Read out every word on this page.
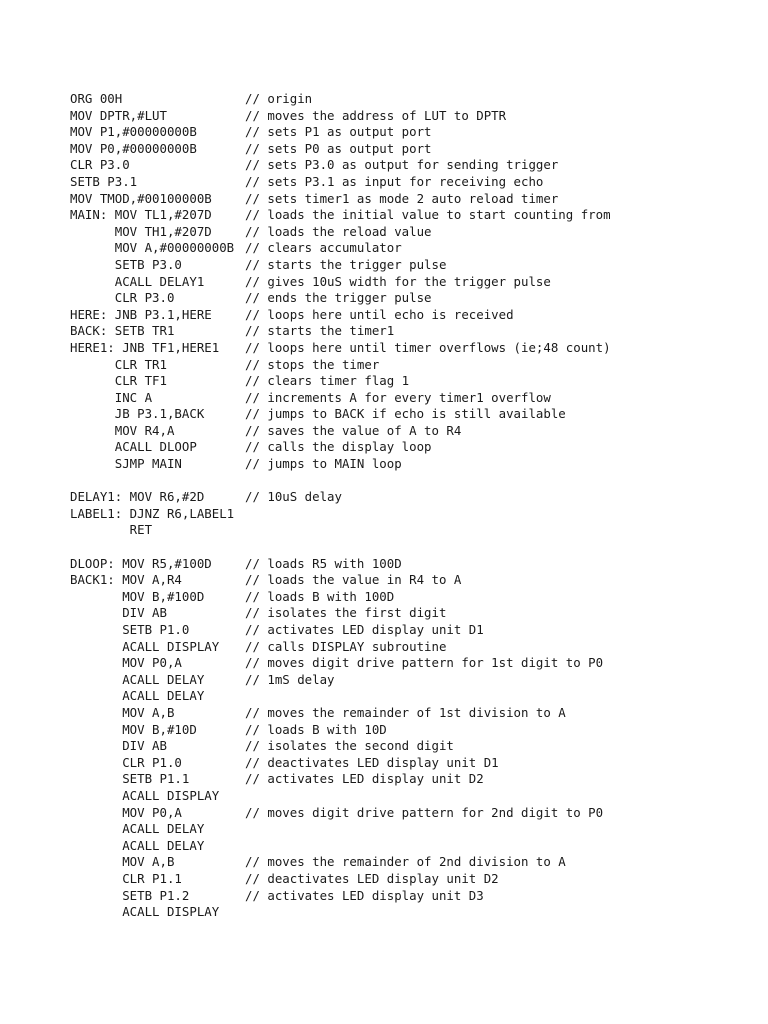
ORG 00H	// origin
MOV DPTR,#LUT	// moves the address of LUT to DPTR
MOV P1,#00000000B	// sets P1 as output port
MOV P0,#00000000B	// sets P0 as output port
CLR P3.0	// sets P3.0 as output for sending trigger
SETB P3.1	// sets P3.1 as input for receiving echo
MOV TMOD,#00100000B	// sets timer1 as mode 2 auto reload timer
MAIN: MOV TL1,#207D	// loads the initial value to start counting from
MOV TH1,#207D	// loads the reload value
MOV A,#00000000B // clears accumulator
SETB P3.0	// starts the trigger pulse
ACALL DELAY1	// gives 10uS width for the trigger pulse
CLR P3.0	// ends the trigger pulse
HERE: JNB P3.1,HERE	// loops here until echo is received
BACK: SETB TR1	// starts the timer1
HERE1: JNB TF1,HERE1 // loops here until timer overflows (ie;48 count)
CLR TR1	// stops the timer
CLR TF1	// clears timer flag 1
INC A	// increments A for every timer1 overflow
JB P3.1,BACK	// jumps to BACK if echo is still available
MOV R4,A	// saves the value of A to R4
ACALL DLOOP	// calls the display loop
SJMP MAIN	// jumps to MAIN loop
DELAY1: MOV R6,#2D	// 10uS delay
LABEL1: DJNZ R6,LABEL1
RET
DLOOP: MOV R5,#100D	// loads R5 with 100D
BACK1: MOV A,R4	// loads the value in R4 to A
MOV B,#100D	// loads B with 100D
DIV AB	// isolates the first digit
SETB P1.0	// activates LED display unit D1
ACALL DISPLAY // calls DISPLAY subroutine
MOV P0,A	// moves digit drive pattern for 1st digit to P0
ACALL DELAY	// 1mS delay
ACALL DELAY
MOV A,B	// moves the remainder of 1st division to A
MOV B,#10D	// loads B with 10D
DIV AB	// isolates the second digit
CLR P1.0	// deactivates LED display unit D1
SETB P1.1	// activates LED display unit D2
ACALL DISPLAY
MOV P0,A	// moves digit drive pattern for 2nd digit to P0
ACALL DELAY
ACALL DELAY
MOV A,B	// moves the remainder of 2nd division to A
CLR P1.1	// deactivates LED display unit D2
SETB P1.2	// activates LED display unit D3
ACALL DISPLAY
